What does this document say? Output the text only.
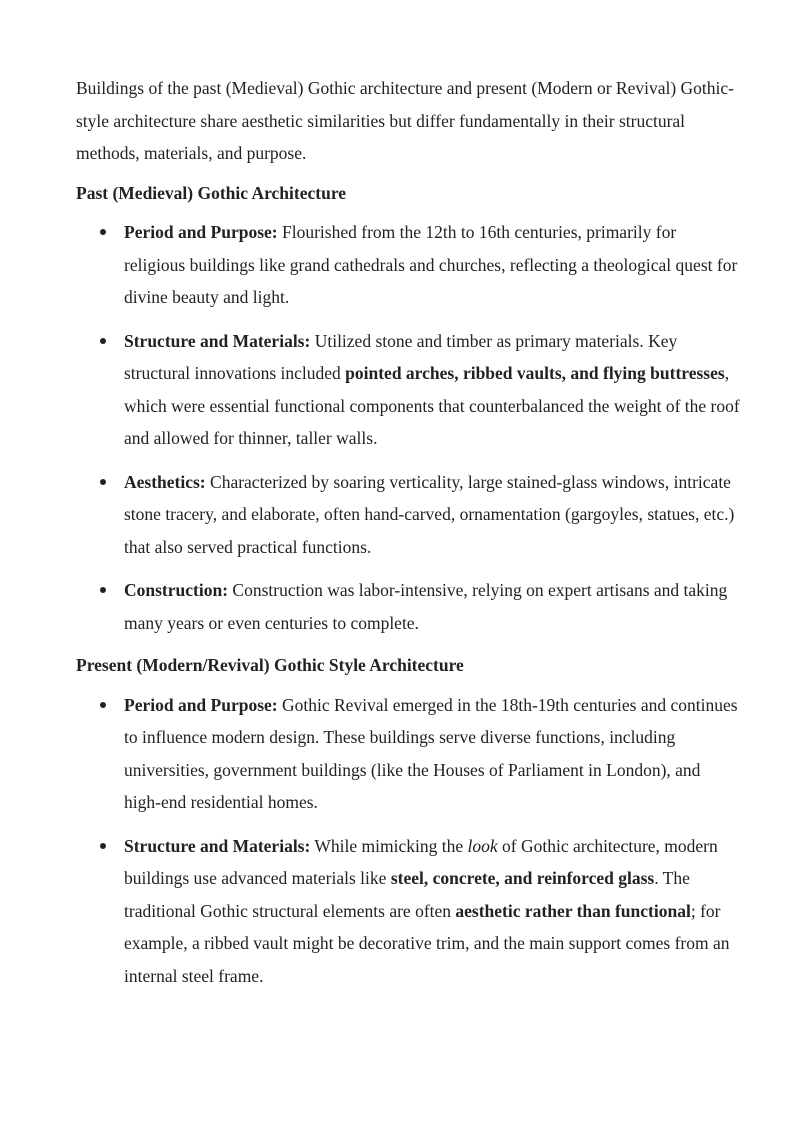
Buildings of the past (Medieval) Gothic architecture and present (Modern or Revival) Gothic-style architecture share aesthetic similarities but differ fundamentally in their structural methods, materials, and purpose.

Past (Medieval) Gothic Architecture
Period and Purpose: Flourished from the 12th to 16th centuries, primarily for religious buildings like grand cathedrals and churches, reflecting a theological quest for divine beauty and light.
Structure and Materials: Utilized stone and timber as primary materials. Key structural innovations included pointed arches, ribbed vaults, and flying buttresses, which were essential functional components that counterbalanced the weight of the roof and allowed for thinner, taller walls.
Aesthetics: Characterized by soaring verticality, large stained-glass windows, intricate stone tracery, and elaborate, often hand-carved, ornamentation (gargoyles, statues, etc.) that also served practical functions.
Construction: Construction was labor-intensive, relying on expert artisans and taking many years or even centuries to complete.
Present (Modern/Revival) Gothic Style Architecture
Period and Purpose: Gothic Revival emerged in the 18th-19th centuries and continues to influence modern design. These buildings serve diverse functions, including universities, government buildings (like the Houses of Parliament in London), and high-end residential homes.
Structure and Materials: While mimicking the look of Gothic architecture, modern buildings use advanced materials like steel, concrete, and reinforced glass. The traditional Gothic structural elements are often aesthetic rather than functional; for example, a ribbed vault might be decorative trim, and the main support comes from an internal steel frame.
